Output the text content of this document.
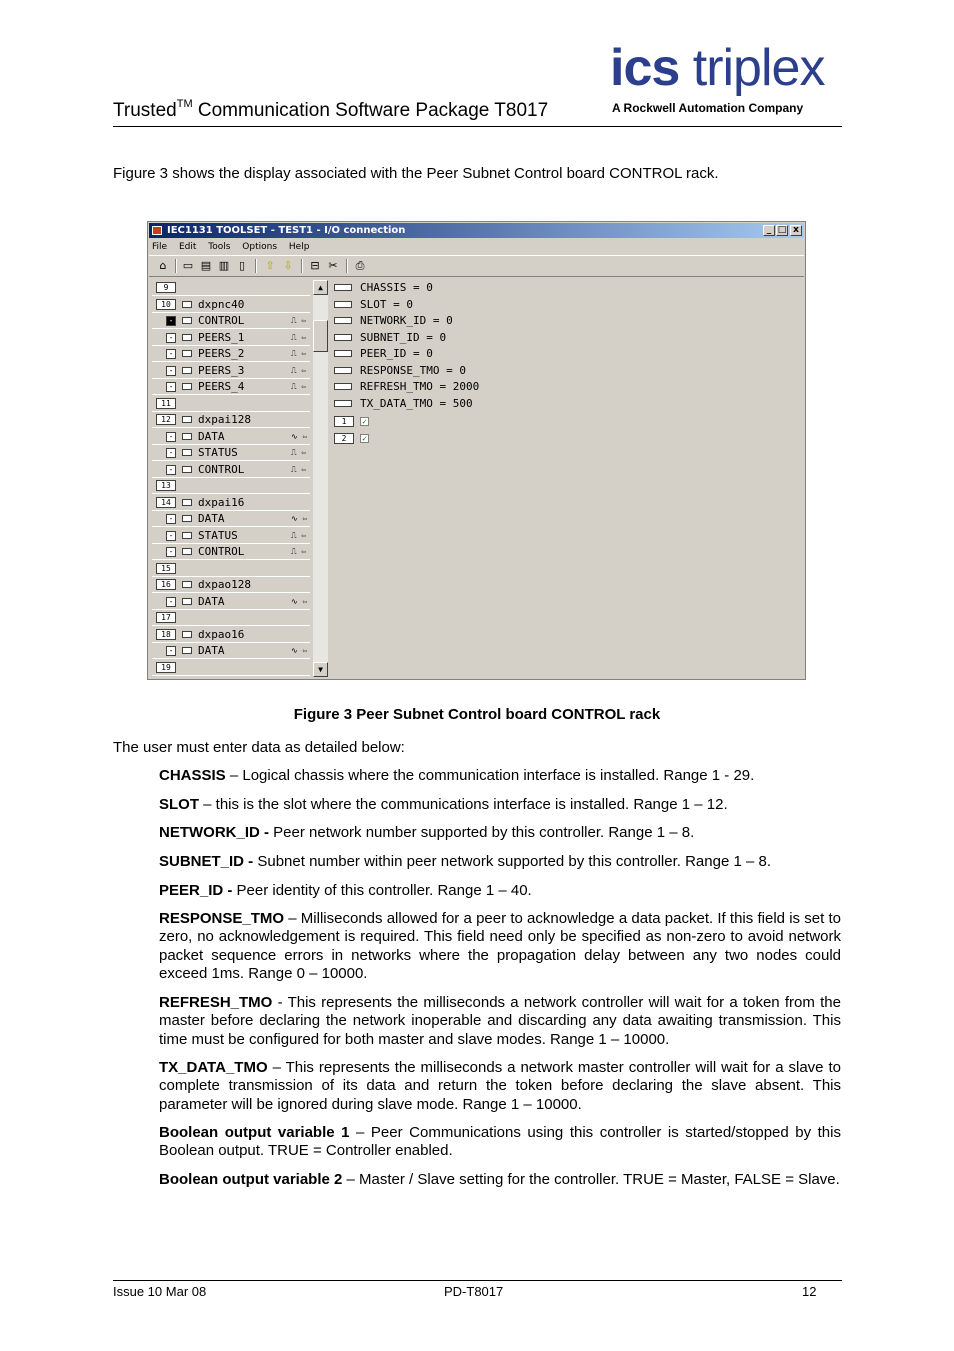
Trusted™ Communication Software Package T8017
ics triplex
A Rockwell Automation Company
Figure 3 shows the display associated with the Peer Subnet Control board CONTROL rack.
IEC1131 TOOLSET - TEST1 - I/O connection	_ □ x
File Edit Tools Options Help
⌂	▭ ▤ ▥ ▯	⇧ ⇩ ⊟ ✂ ⎙
9
10	dxpnc40
- CONTROL	⎍ ⇦
- PEERS_1	⎍ ⇦
- PEERS_2	⎍ ⇦
- PEERS_3	⎍ ⇦
- PEERS_4	⎍ ⇦
11
12	dxpai128
- DATA	∿ ⇦
- STATUS	⎍ ⇦
- CONTROL	⎍ ⇦
13
14	dxpai16
- DATA	∿ ⇦
- STATUS	⎍ ⇦
- CONTROL	⎍ ⇦
15
16	dxpao128
- DATA	∿ ⇦
17
18	dxpao16
- DATA	∿ ⇦
19
▲
▼
CHASSIS = 0
SLOT = 0
NETWORK_ID = 0
SUBNET_ID = 0
PEER_ID = 0
RESPONSE_TMO = 0
REFRESH_TMO = 2000
TX_DATA_TMO = 500
1	✓
2	✓
Figure 3 Peer Subnet Control board CONTROL rack
The user must enter data as detailed below:
CHASSIS – Logical chassis where the communication interface is installed. Range 1 - 29.
SLOT – this is the slot where the communications interface is installed. Range 1 – 12.
NETWORK_ID - Peer network number supported by this controller. Range 1 – 8.
SUBNET_ID - Subnet number within peer network supported by this controller. Range 1 – 8.
PEER_ID - Peer identity of this controller. Range 1 – 40.
RESPONSE_TMO – Milliseconds allowed for a peer to acknowledge a data packet. If this field is set to zero, no acknowledgement is required. This field need only be specified as non-zero to avoid network packet sequence errors in networks where the propagation delay between any two nodes could exceed 1ms. Range 0 – 10000.
REFRESH_TMO - This represents the milliseconds a network controller will wait for a token from the master before declaring the network inoperable and discarding any data awaiting transmission. This time must be configured for both master and slave modes. Range 1 – 10000.
TX_DATA_TMO – This represents the milliseconds a network master controller will wait for a slave to complete transmission of its data and return the token before declaring the slave absent. This parameter will be ignored during slave mode. Range 1 – 10000.
Boolean output variable 1 – Peer Communications using this controller is started/stopped by this Boolean output. TRUE = Controller enabled.
Boolean output variable 2 – Master / Slave setting for the controller. TRUE = Master, FALSE = Slave.
Issue 10 Mar 08	PD-T8017	12
